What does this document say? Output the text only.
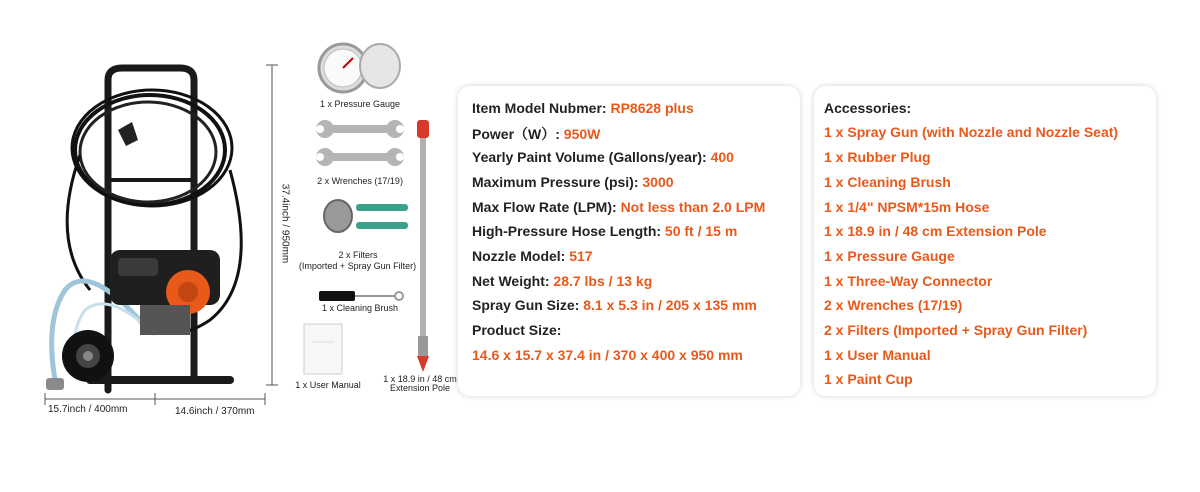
37.4inch / 950mm
15.7inch / 400mm	14.6inch / 370mm
1 x Pressure Gauge
2 x Wrenches (17/19)
2 x Filters
(Imported + Spray Gun Filter)
1 x Cleaning Brush
1 x User Manual
1 x 18.9 in / 48 cm
Extension Pole
Item Model Nubmer: RP8628 plus
Power（W）: 950W
Yearly Paint Volume (Gallons/year): 400
Maximum Pressure (psi): 3000
Max Flow Rate (LPM): Not less than 2.0 LPM
High-Pressure Hose Length: 50 ft / 15 m
Nozzle Model: 517
Net Weight: 28.7 lbs / 13 kg
Spray Gun Size: 8.1 x 5.3 in / 205 x 135 mm
Product Size:
14.6 x 15.7 x 37.4 in / 370 x 400 x 950 mm
Accessories:
1 x Spray Gun (with Nozzle and Nozzle Seat)
1 x Rubber Plug
1 x Cleaning Brush
1 x 1/4" NPSM*15m Hose
1 x 18.9 in / 48 cm Extension Pole
1 x Pressure Gauge
1 x Three-Way Connector
2 x Wrenches (17/19)
2 x Filters (Imported + Spray Gun Filter)
1 x User Manual
1 x Paint Cup
